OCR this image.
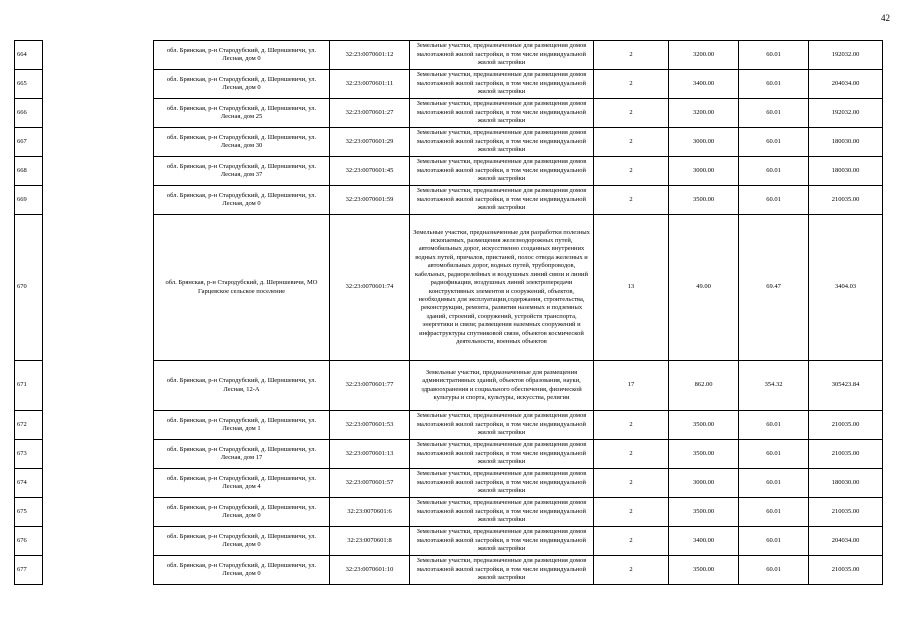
42
664		обл. Брянская, р-н Стародубский, д. Шерншевичи, ул. Лесная, дом 0	32:23:0070601:12	Земельные участки, предназначенные для размещения домов малоэтажной жилой застройки, в том числе индивидуальной жилой застройки	2	3200.00	60.01	192032.00
665		обл. Брянская, р-н Стародубский, д. Шерншевичи, ул. Лесная, дом 0	32:23:0070601:11	Земельные участки, предназначенные для размещения домов малоэтажной жилой застройки, в том числе индивидуальной жилой застройки	2	3400.00	60.01	204034.00
666		обл. Брянская, р-н Стародубский, д. Шерншевичи, ул. Лесная, дом 25	32:23:0070601:27	Земельные участки, предназначенные для размещения домов малоэтажной жилой застройки, в том числе индивидуальной жилой застройки	2	3200.00	60.01	192032.00
667		обл. Брянская, р-н Стародубский, д. Шерншевичи, ул. Лесная, дом 30	32:23:0070601:29	Земельные участки, предназначенные для размещения домов малоэтажной жилой застройки, в том числе индивидуальной жилой застройки	2	3000.00	60.01	180030.00
668		обл. Брянская, р-н Стародубский, д. Шерншевичи, ул. Лесная, дом 37	32:23:0070601:45	Земельные участки, предназначенные для размещения домов малоэтажной жилой застройки, в том числе индивидуальной жилой застройки	2	3000.00	60.01	180030.00
669		обл. Брянская, р-н Стародубский, д. Шерншевичи, ул. Лесная, дом 0	32:23:0070601:59	Земельные участки, предназначенные для размещения домов малоэтажной жилой застройки, в том числе индивидуальной жилой застройки	2	3500.00	60.01	210035.00
670		обл. Брянская, р-н Стародубский, д. Шерншевичи, МО Гарцевское сельское поселение	32:23:0070601:74	Земельные участки, предназначенные для разработки полезных ископаемых, размещения железнодорожных путей, автомобильных дорог, искусственно созданных внутренних водных путей, причалов, пристаней, полос отвода железных и автомобильных дорог, водных путей, трубопроводов, кабельных, радиорелейных и воздушных линий связи и линий радиофикации, воздушных линий электропередачи конструктивных элементов и сооружений, объектов, необходимых для эксплуатации,содержания, строительства, реконструкции, ремонта, развития наземных и подземных зданий, строений, сооружений, устройств транспорта, энергетики и связи; размещения наземных сооружений и инфраструктуры спутниковой связи, объектов космической деятельности, военных объектов	13	49.00	69.47	3404.03
671		обл. Брянская, р-н Стародубский, д. Шерншевичи, ул. Лесная, 12-А	32:23:0070601:77	Земельные участки, предназначенные для размещения административных зданий, объектов образования, науки, здравоохранения и социального обеспечения, физической культуры и спорта, культуры, искусства, религии	17	862.00	354.32	305423.84
672		обл. Брянская, р-н Стародубский, д. Шерншевичи, ул. Лесная, дом 1	32:23:0070601:53	Земельные участки, предназначенные для размещения домов малоэтажной жилой застройки, в том числе индивидуальной жилой застройки	2	3500.00	60.01	210035.00
673		обл. Брянская, р-н Стародубский, д. Шерншевичи, ул. Лесная, дом 17	32:23:0070601:13	Земельные участки, предназначенные для размещения домов малоэтажной жилой застройки, в том числе индивидуальной жилой застройки	2	3500.00	60.01	210035.00
674		обл. Брянская, р-н Стародубский, д. Шерншевичи, ул. Лесная, дом 4	32:23:0070601:57	Земельные участки, предназначенные для размещения домов малоэтажной жилой застройки, в том числе индивидуальной жилой застройки	2	3000.00	60.01	180030.00
675		обл. Брянская, р-н Стародубский, д. Шерншевичи, ул. Лесная, дом 0	32:23:0070601:6	Земельные участки, предназначенные для размещения домов малоэтажной жилой застройки, в том числе индивидуальной жилой застройки	2	3500.00	60.01	210035.00
676		обл. Брянская, р-н Стародубский, д. Шерншевичи, ул. Лесная, дом 0	32:23:0070601:8	Земельные участки, предназначенные для размещения домов малоэтажной жилой застройки, в том числе индивидуальной жилой застройки	2	3400.00	60.01	204034.00
677		обл. Брянская, р-н Стародубский, д. Шерншевичи, ул. Лесная, дом 0	32:23:0070601:10	Земельные участки, предназначенные для размещения домов малоэтажной жилой застройки, в том числе индивидуальной жилой застройки	2	3500.00	60.01	210035.00
